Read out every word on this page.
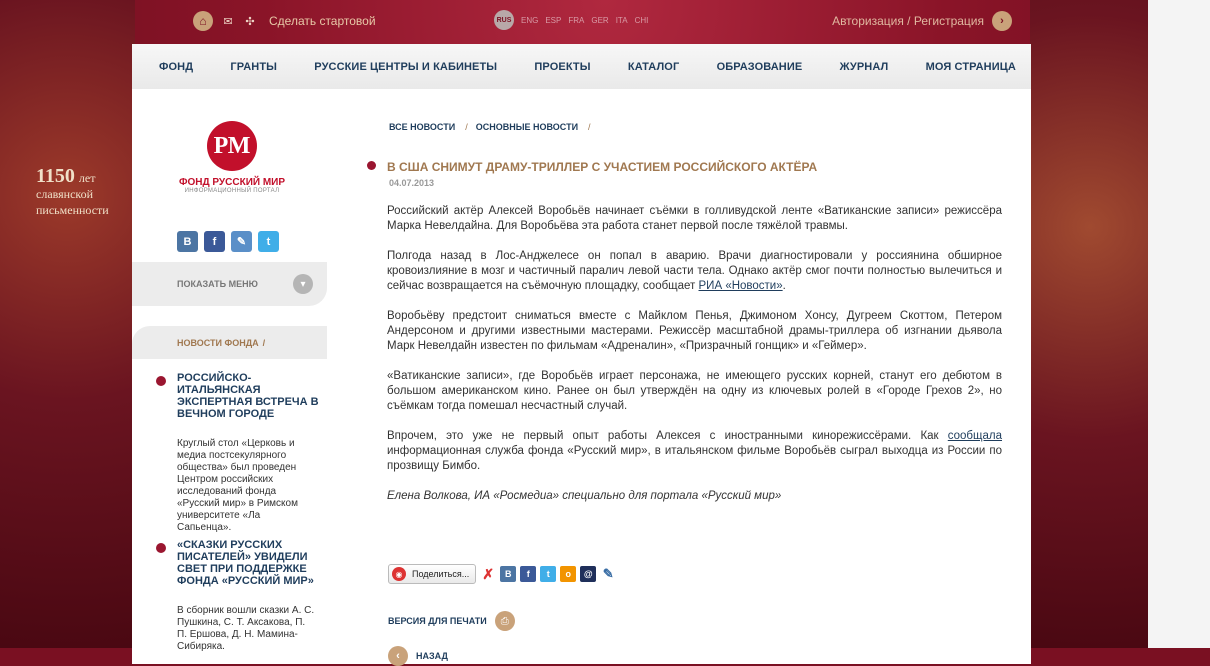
⌂	✉ ✣ Сделать стартовой	RUS	ENG ESP FRA GER ITA CHI	Авторизация / Регистрация	›
1150 лет
славянской
письменности
ФОНД	ГРАНТЫ	РУССКИЕ ЦЕНТРЫ И КАБИНЕТЫ	ПРОЕКТЫ	КАТАЛОГ	ОБРАЗОВАНИЕ	ЖУРНАЛ	МОЯ СТРАНИЦА
РМ
ФОНД РУССКИЙ МИР
ИНФОРМАЦИОННЫЙ ПОРТАЛ
В	f	✎	t
ПОКАЗАТЬ МЕНЮ	▾
НОВОСТИ ФОНДА /
РОССИЙСКО-ИТАЛЬЯНСКАЯ ЭКСПЕРТНАЯ ВСТРЕЧА В ВЕЧНОМ ГОРОДЕ
Круглый стол «Церковь и медиа постсекулярного общества» был проведен Центром российских исследований фонда «Русский мир» в Римском университете «Ла Сапьенца».
«СКАЗКИ РУССКИХ ПИСАТЕЛЕЙ» УВИДЕЛИ СВЕТ ПРИ ПОДДЕРЖКЕ ФОНДА «РУССКИЙ МИР»
В сборник вошли сказки А. С. Пушкина, С. Т. Аксакова, П. П. Ершова, Д. Н. Мамина-Сибиряка.
ВСЕ НОВОСТИ / ОСНОВНЫЕ НОВОСТИ /
В США СНИМУТ ДРАМУ-ТРИЛЛЕР С УЧАСТИЕМ РОССИЙСКОГО АКТЁРА
04.07.2013

Российский актёр Алексей Воробьёв начинает съёмки в голливудской ленте «Ватиканские записи» режиссёра Марка Невелдайна. Для Воробьёва эта работа станет первой после тяжёлой травмы.

Полгода назад в Лос-Анджелесе он попал в аварию. Врачи диагностировали у россиянина обширное кровоизлияние в мозг и частичный паралич левой части тела. Однако актёр смог почти полностью вылечиться и сейчас возвращается на съёмочную площадку, сообщает РИА «Новости».

Воробьёву предстоит сниматься вместе с Майклом Пенья, Джимоном Хонсу, Дугреем Скоттом, Петером Андерсоном и другими известными мастерами. Режиссёр масштабной драмы-триллера об изгнании дьявола Марк Невелдайн известен по фильмам «Адреналин», «Призрачный гонщик» и «Геймер».

«Ватиканские записи», где Воробьёв играет персонажа, не имеющего русских корней, станут его дебютом в большом американском кино. Ранее он был утверждён на одну из ключевых ролей в «Городе Грехов 2», но съёмкам тогда помешал несчастный случай.

Впрочем, это уже не первый опыт работы Алексея с иностранными кинорежиссёрами. Как сообщала информационная служба фонда «Русский мир», в итальянском фильме Воробьёв сыграл выходца из России по прозвищу Бимбо.

Елена Волкова, ИА «Росмедиа» специально для портала «Русский мир»

◉	Поделиться... ✗	В	f	t	o	@ ✎
ВЕРСИЯ ДЛЯ ПЕЧАТИ	⎙
‹	НАЗАД
